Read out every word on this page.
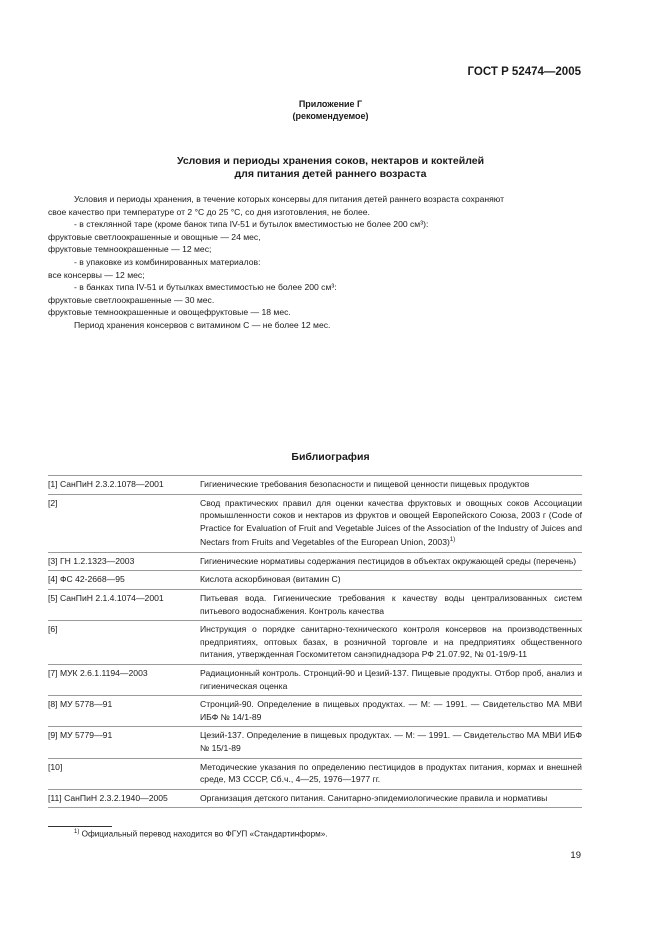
ГОСТ Р 52474—2005
Приложение Г
(рекомендуемое)
Условия и периоды хранения соков, нектаров и коктейлей
для питания детей раннего возраста

Условия и периоды хранения, в течение которых консервы для питания детей раннего возраста сохраняют

свое качество при температуре от 2 °С до 25 °С, со дня изготовления, не более.

- в стеклянной таре (кроме банок типа IV-51 и бутылок вместимостью не более 200 см³):

фруктовые светлоокрашенные и овощные — 24 мес,

фруктовые темноокрашенные — 12 мес;

- в упаковке из комбинированных материалов:

все консервы — 12 мес;

- в банках типа IV-51 и бутылках вместимостью не более 200 см³:

фруктовые светлоокрашенные — 30 мес.

фруктовые темноокрашенные и овощефруктовые — 18 мес.

Период хранения консервов с витамином С — не более 12 мес.

Библиография
[1] СанПиН 2.3.2.1078—2001	Гигиенические требования безопасности и пищевой ценности пищевых продуктов
[2]	Свод практических правил для оценки качества фруктовых и овощных соков Ассоциации промышленности соков и нектаров из фруктов и овощей Европейского Союза, 2003 г (Code of Practice for Evaluation of Fruit and Vegetable Juices of the Association of the Industry of Juices and Nectars from Fruits and Vegetables of the European Union, 2003)$^{1)}$
[3] ГН 1.2.1323—2003	Гигиенические нормативы содержания пестицидов в объектах окружающей среды (перечень)
[4] ФС 42-2668—95	Кислота аскорбиновая (витамин С)
[5] СанПиН 2.1.4.1074—2001	Питьевая вода. Гигиенические требования к качеству воды централизованных систем питьевого водоснабжения. Контроль качества
[6]	Инструкция о порядке санитарно-технического контроля консервов на производственных предприятиях, оптовых базах, в розничной торговле и на предприятиях общественного питания, утвержденная Госкомитетом санэпиднадзора РФ 21.07.92, № 01-19/9-11
[7] МУК 2.6.1.1194—2003	Радиационный контроль. Стронций-90 и Цезий-137. Пищевые продукты. Отбор проб, анализ и гигиеническая оценка
[8] МУ 5778—91	Стронций-90. Определение в пищевых продуктах. — М: — 1991. — Свидетельство МА МВИ ИБФ № 14/1-89
[9] МУ 5779—91	Цезий-137. Определение в пищевых продуктах. — М: — 1991. — Свидетельство МА МВИ ИБФ № 15/1-89
[10]	Методические указания по определению пестицидов в продуктах питания, кормах и внешней среде, МЗ СССР, Сб.ч., 4—25, 1976—1977 гг.
[11] СанПиН 2.3.2.1940—2005	Организация детского питания. Санитарно-эпидемиологические правила и нормативы
$^{1)}$ Официальный перевод находится во ФГУП «Стандартинформ».
19
